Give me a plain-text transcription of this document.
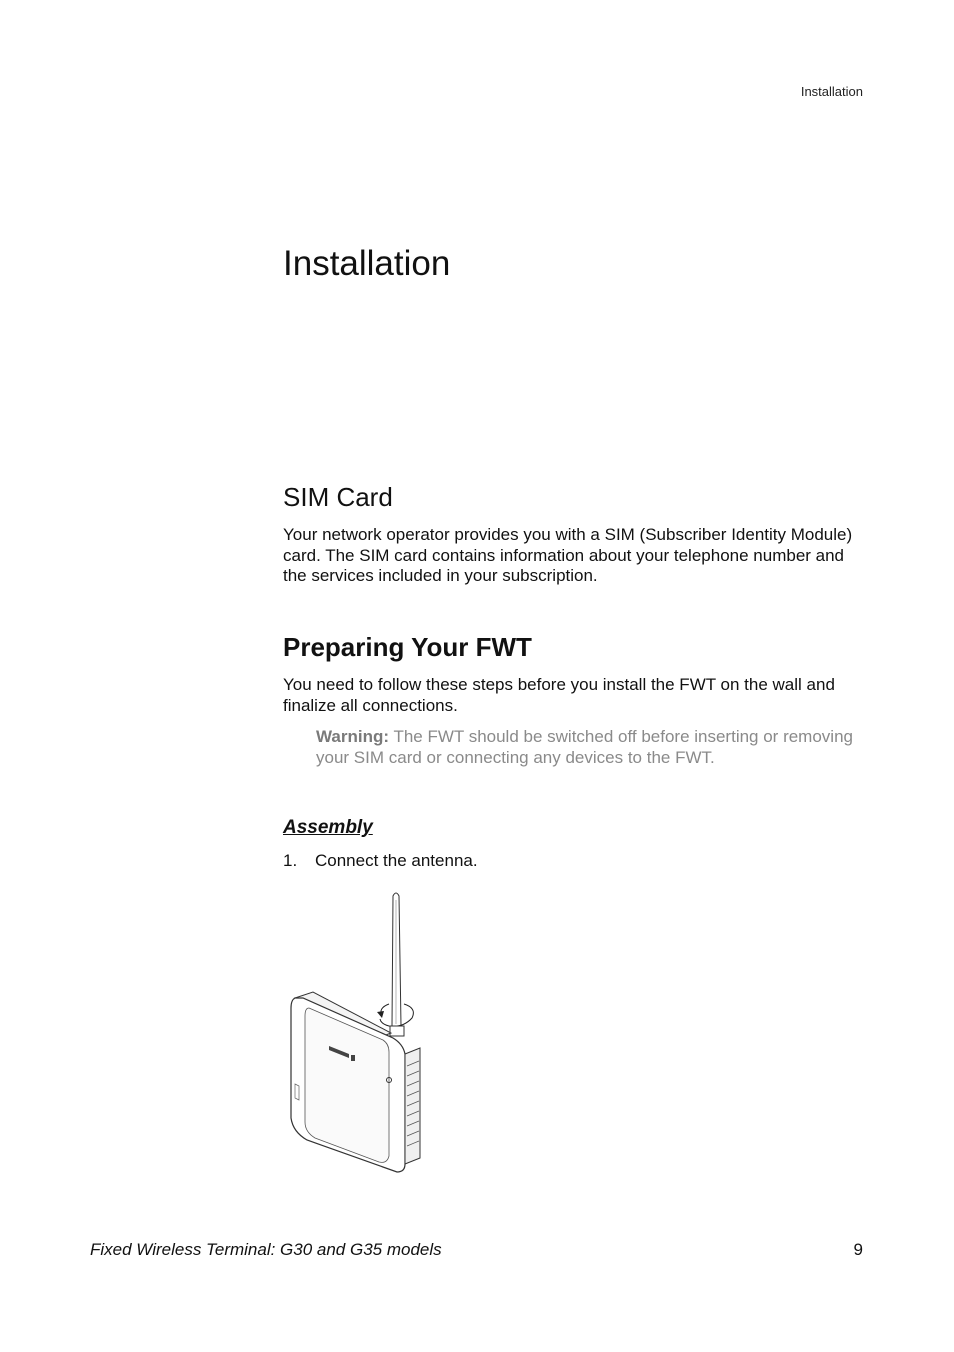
Installation
Installation
SIM Card

Your network operator provides you with a SIM (Subscriber Identity Module) card. The SIM card contains information about your telephone number and the services included in your subscription.

Preparing Your FWT

You need to follow these steps before you install the FWT on the wall and finalize all connections.

Warning: The FWT should be switched off before inserting or removing your SIM card or connecting any devices to the FWT.
Assembly
1. Connect the antenna.
Fixed Wireless Terminal: G30 and G35 models	9
